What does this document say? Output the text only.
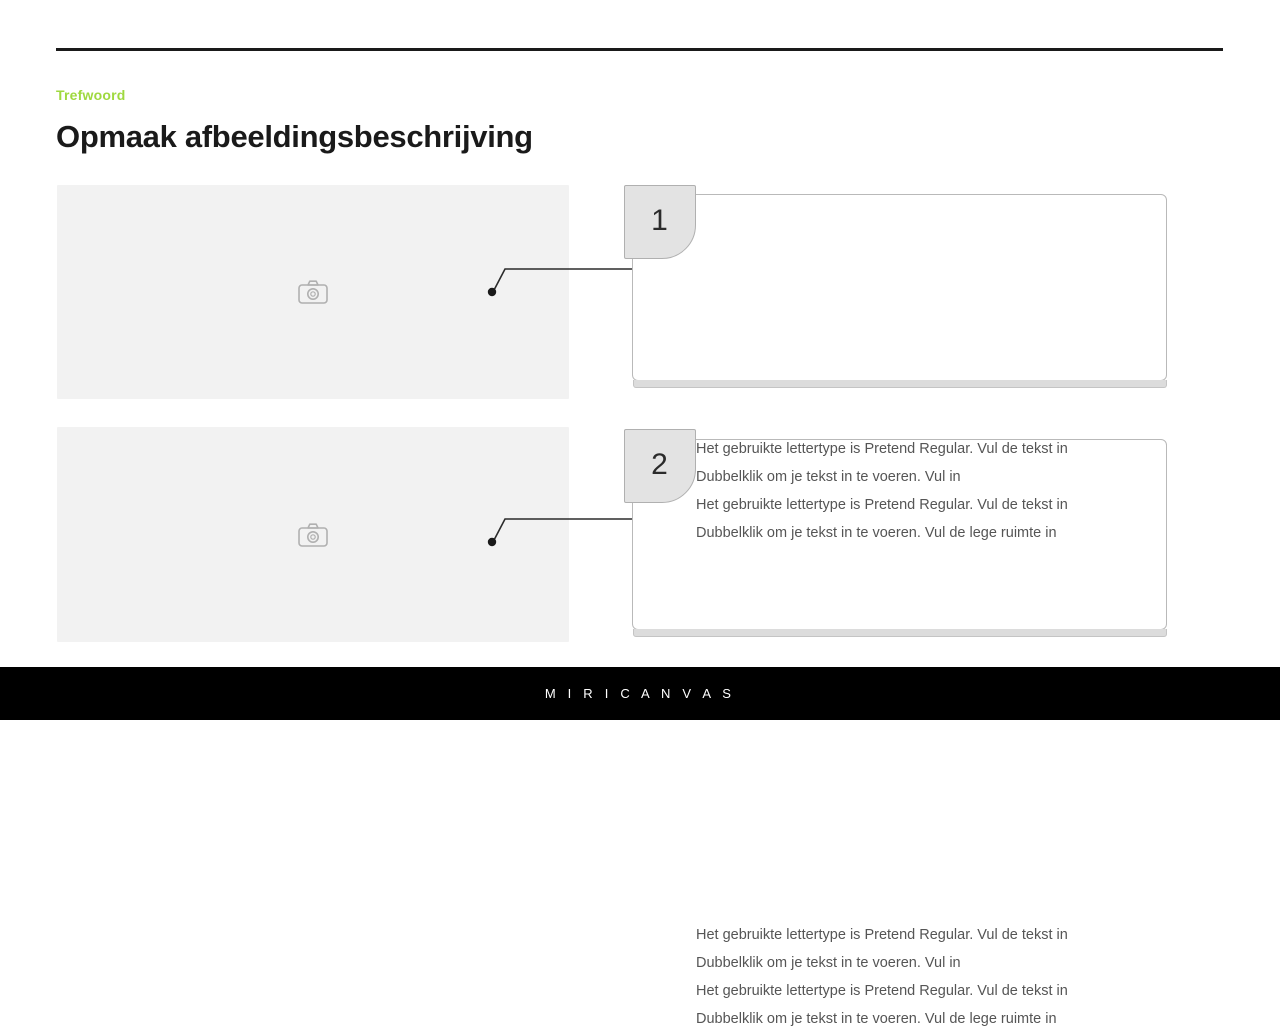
Trefwoord
Opmaak afbeeldingsbeschrijving
1
Het gebruikte lettertype is Pretend Regular. Vul de tekst in
Dubbelklik om je tekst in te voeren. Vul in
Het gebruikte lettertype is Pretend Regular. Vul de tekst in
Dubbelklik om je tekst in te voeren. Vul de lege ruimte in
2
Het gebruikte lettertype is Pretend Regular. Vul de tekst in
Dubbelklik om je tekst in te voeren. Vul in
Het gebruikte lettertype is Pretend Regular. Vul de tekst in
Dubbelklik om je tekst in te voeren. Vul de lege ruimte in
M I R I C A N V A S
